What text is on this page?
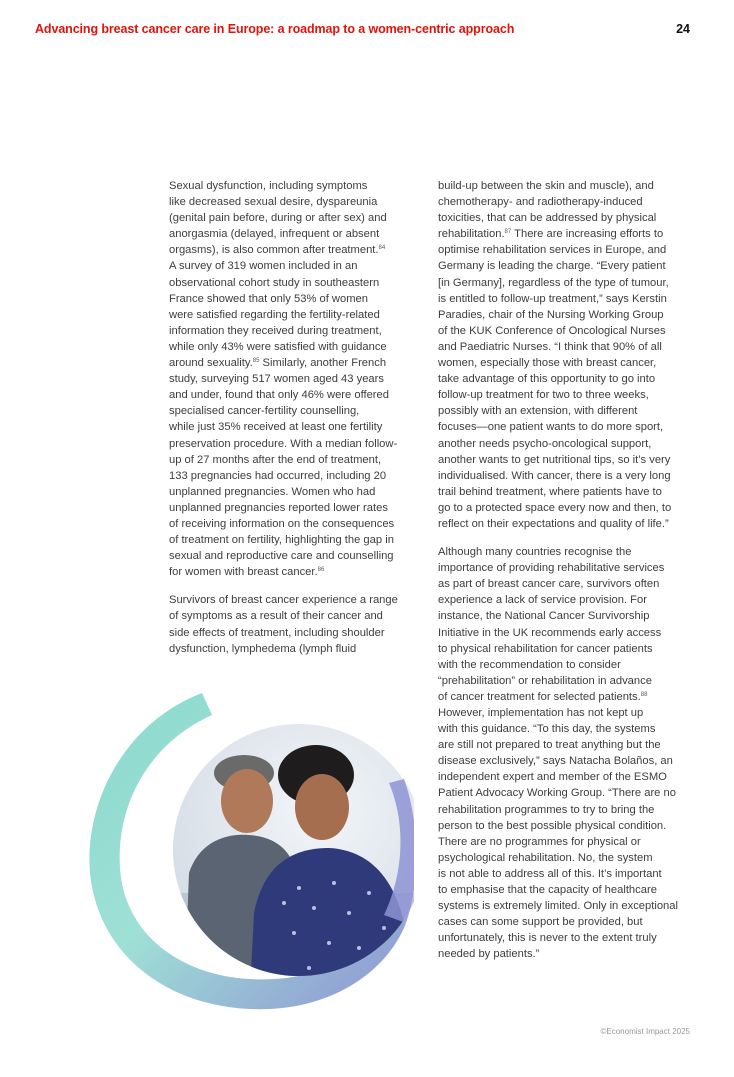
Advancing breast cancer care in Europe: a roadmap to a women-centric approach	24

Sexual dysfunction, including symptoms
like decreased sexual desire, dyspareunia
(genital pain before, during or after sex) and
anorgasmia (delayed, infrequent or absent
orgasms), is also common after treatment.$^{84}$
A survey of 319 women included in an
observational cohort study in southeastern
France showed that only 53% of women
were satisfied regarding the fertility-related
information they received during treatment,
while only 43% were satisfied with guidance
around sexuality.$^{85}$ Similarly, another French
study, surveying 517 women aged 43 years
and under, found that only 46% were offered
specialised cancer-fertility counselling,
while just 35% received at least one fertility
preservation procedure. With a median follow-
up of 27 months after the end of treatment,
133 pregnancies had occurred, including 20
unplanned pregnancies. Women who had
unplanned pregnancies reported lower rates
of receiving information on the consequences
of treatment on fertility, highlighting the gap in
sexual and reproductive care and counselling
for women with breast cancer.$^{86}$

Survivors of breast cancer experience a range
of symptoms as a result of their cancer and
side effects of treatment, including shoulder
dysfunction, lymphedema (lymph fluid

build-up between the skin and muscle), and
chemotherapy- and radiotherapy-induced
toxicities, that can be addressed by physical
rehabilitation.$^{87}$ There are increasing efforts to
optimise rehabilitation services in Europe, and
Germany is leading the charge. “Every patient
[in Germany], regardless of the type of tumour,
is entitled to follow-up treatment,” says Kerstin
Paradies, chair of the Nursing Working Group
of the KUK Conference of Oncological Nurses
and Paediatric Nurses. “I think that 90% of all
women, especially those with breast cancer,
take advantage of this opportunity to go into
follow-up treatment for two to three weeks,
possibly with an extension, with different
focuses—one patient wants to do more sport,
another needs psycho-oncological support,
another wants to get nutritional tips, so it’s very
individualised. With cancer, there is a very long
trail behind treatment, where patients have to
go to a protected space every now and then, to
reflect on their expectations and quality of life.”

Although many countries recognise the
importance of providing rehabilitative services
as part of breast cancer care, survivors often
experience a lack of service provision. For
instance, the National Cancer Survivorship
Initiative in the UK recommends early access
to physical rehabilitation for cancer patients
with the recommendation to consider
“prehabilitation” or rehabilitation in advance
of cancer treatment for selected patients.$^{88}$
However, implementation has not kept up
with this guidance. “To this day, the systems
are still not prepared to treat anything but the
disease exclusively,” says Natacha Bolaños, an
independent expert and member of the ESMO
Patient Advocacy Working Group. “There are no
rehabilitation programmes to try to bring the
person to the best possible physical condition.
There are no programmes for physical or
psychological rehabilitation. No, the system
is not able to address all of this. It’s important
to emphasise that the capacity of healthcare
systems is extremely limited. Only in exceptional
cases can some support be provided, but
unfortunately, this is never to the extent truly
needed by patients.”

©Economist Impact 2025
